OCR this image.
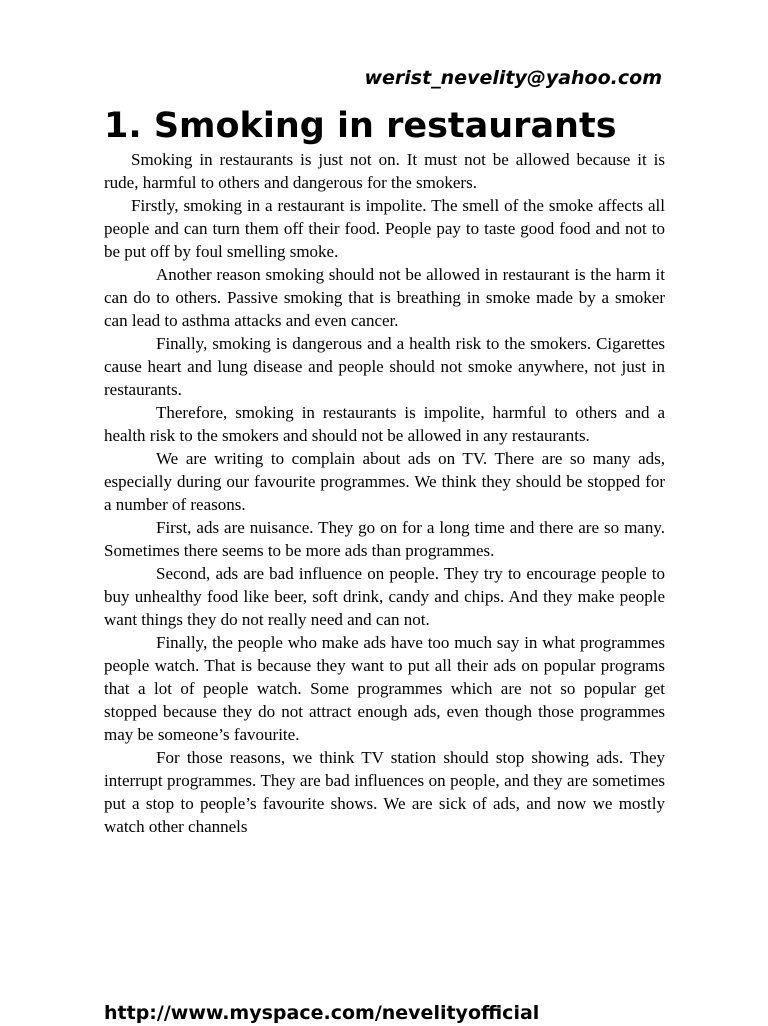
werist_nevelity@yahoo.com
1. Smoking in restaurants

Smoking in restaurants is just not on. It must not be allowed because it is rude, harmful to others and dangerous for the smokers.

Firstly, smoking in a restaurant is impolite. The smell of the smoke affects all people and can turn them off their food. People pay to taste good food and not to be put off by foul smelling smoke.

Another reason smoking should not be allowed in restaurant is the harm it can do to others. Passive smoking that is breathing in smoke made by a smoker can lead to asthma attacks and even cancer.

Finally, smoking is dangerous and a health risk to the smokers. Cigarettes cause heart and lung disease and people should not smoke anywhere, not just in restaurants.

Therefore, smoking in restaurants is impolite, harmful to others and a health risk to the smokers and should not be allowed in any restaurants.

We are writing to complain about ads on TV. There are so many ads, especially during our favourite programmes. We think they should be stopped for a number of reasons.

First, ads are nuisance. They go on for a long time and there are so many. Sometimes there seems to be more ads than programmes.

Second, ads are bad influence on people. They try to encourage people to buy unhealthy food like beer, soft drink, candy and chips. And they make people want things they do not really need and can not.

Finally, the people who make ads have too much say in what programmes people watch. That is because they want to put all their ads on popular programs that a lot of people watch. Some programmes which are not so popular get stopped because they do not attract enough ads, even though those programmes may be someone’s favourite.

For those reasons, we think TV station should stop showing ads. They interrupt programmes. They are bad influences on people, and they are sometimes put a stop to people’s favourite shows. We are sick of ads, and now we mostly watch other channels

http://www.myspace.com/nevelityofficial
